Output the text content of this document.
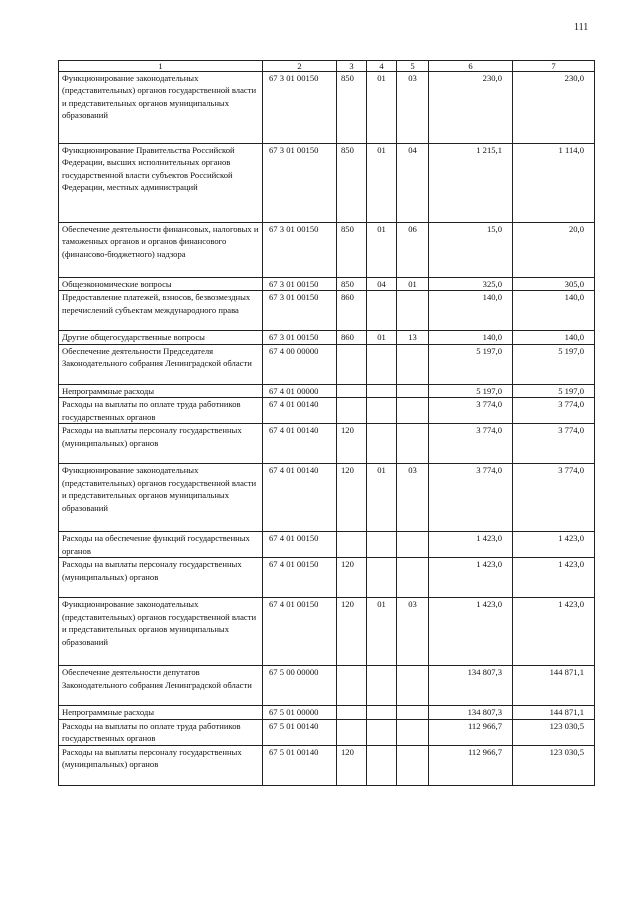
111
1	2	3	4	5	6	7
Функционирование законодательных (представительных) органов государственной власти и представительных органов муниципальных образований	67 3 01 00150	850	01	03	230,0	230,0
Функционирование Правительства Российской Федерации, высших исполнительных органов государственной власти субъектов Российской Федерации, местных администраций	67 3 01 00150	850	01	04	1 215,1	1 114,0
Обеспечение деятельности финансовых, налоговых и таможенных органов и органов финансового (финансово-бюджетного) надзора	67 3 01 00150	850	01	06	15,0	20,0
Общеэкономические вопросы	67 3 01 00150	850	04	01	325,0	305,0
Предоставление платежей, взносов, безвозмездных перечислений субъектам международного права	67 3 01 00150	860			140,0	140,0
Другие общегосударственные вопросы	67 3 01 00150	860	01	13	140,0	140,0
Обеспечение деятельности Председателя Законодательного собрания Ленинградской области	67 4 00 00000				5 197,0	5 197,0
Непрограммные расходы	67 4 01 00000				5 197,0	5 197,0
Расходы на выплаты по оплате труда работников государственных органов	67 4 01 00140				3 774,0	3 774,0
Расходы на выплаты персоналу государственных (муниципальных) органов	67 4 01 00140	120			3 774,0	3 774,0
Функционирование законодательных (представительных) органов государственной власти и представительных органов муниципальных образований	67 4 01 00140	120	01	03	3 774,0	3 774,0
Расходы на обеспечение функций государственных органов	67 4 01 00150				1 423,0	1 423,0
Расходы на выплаты персоналу государственных (муниципальных) органов	67 4 01 00150	120			1 423,0	1 423,0
Функционирование законодательных (представительных) органов государственной власти и представительных органов муниципальных образований	67 4 01 00150	120	01	03	1 423,0	1 423,0
Обеспечение деятельности депутатов Законодательного собрания Ленинградской области	67 5 00 00000				134 807,3	144 871,1
Непрограммные расходы	67 5 01 00000				134 807,3	144 871,1
Расходы на выплаты по оплате труда работников государственных органов	67 5 01 00140				112 966,7	123 030,5
Расходы на выплаты персоналу государственных (муниципальных) органов	67 5 01 00140	120			112 966,7	123 030,5
